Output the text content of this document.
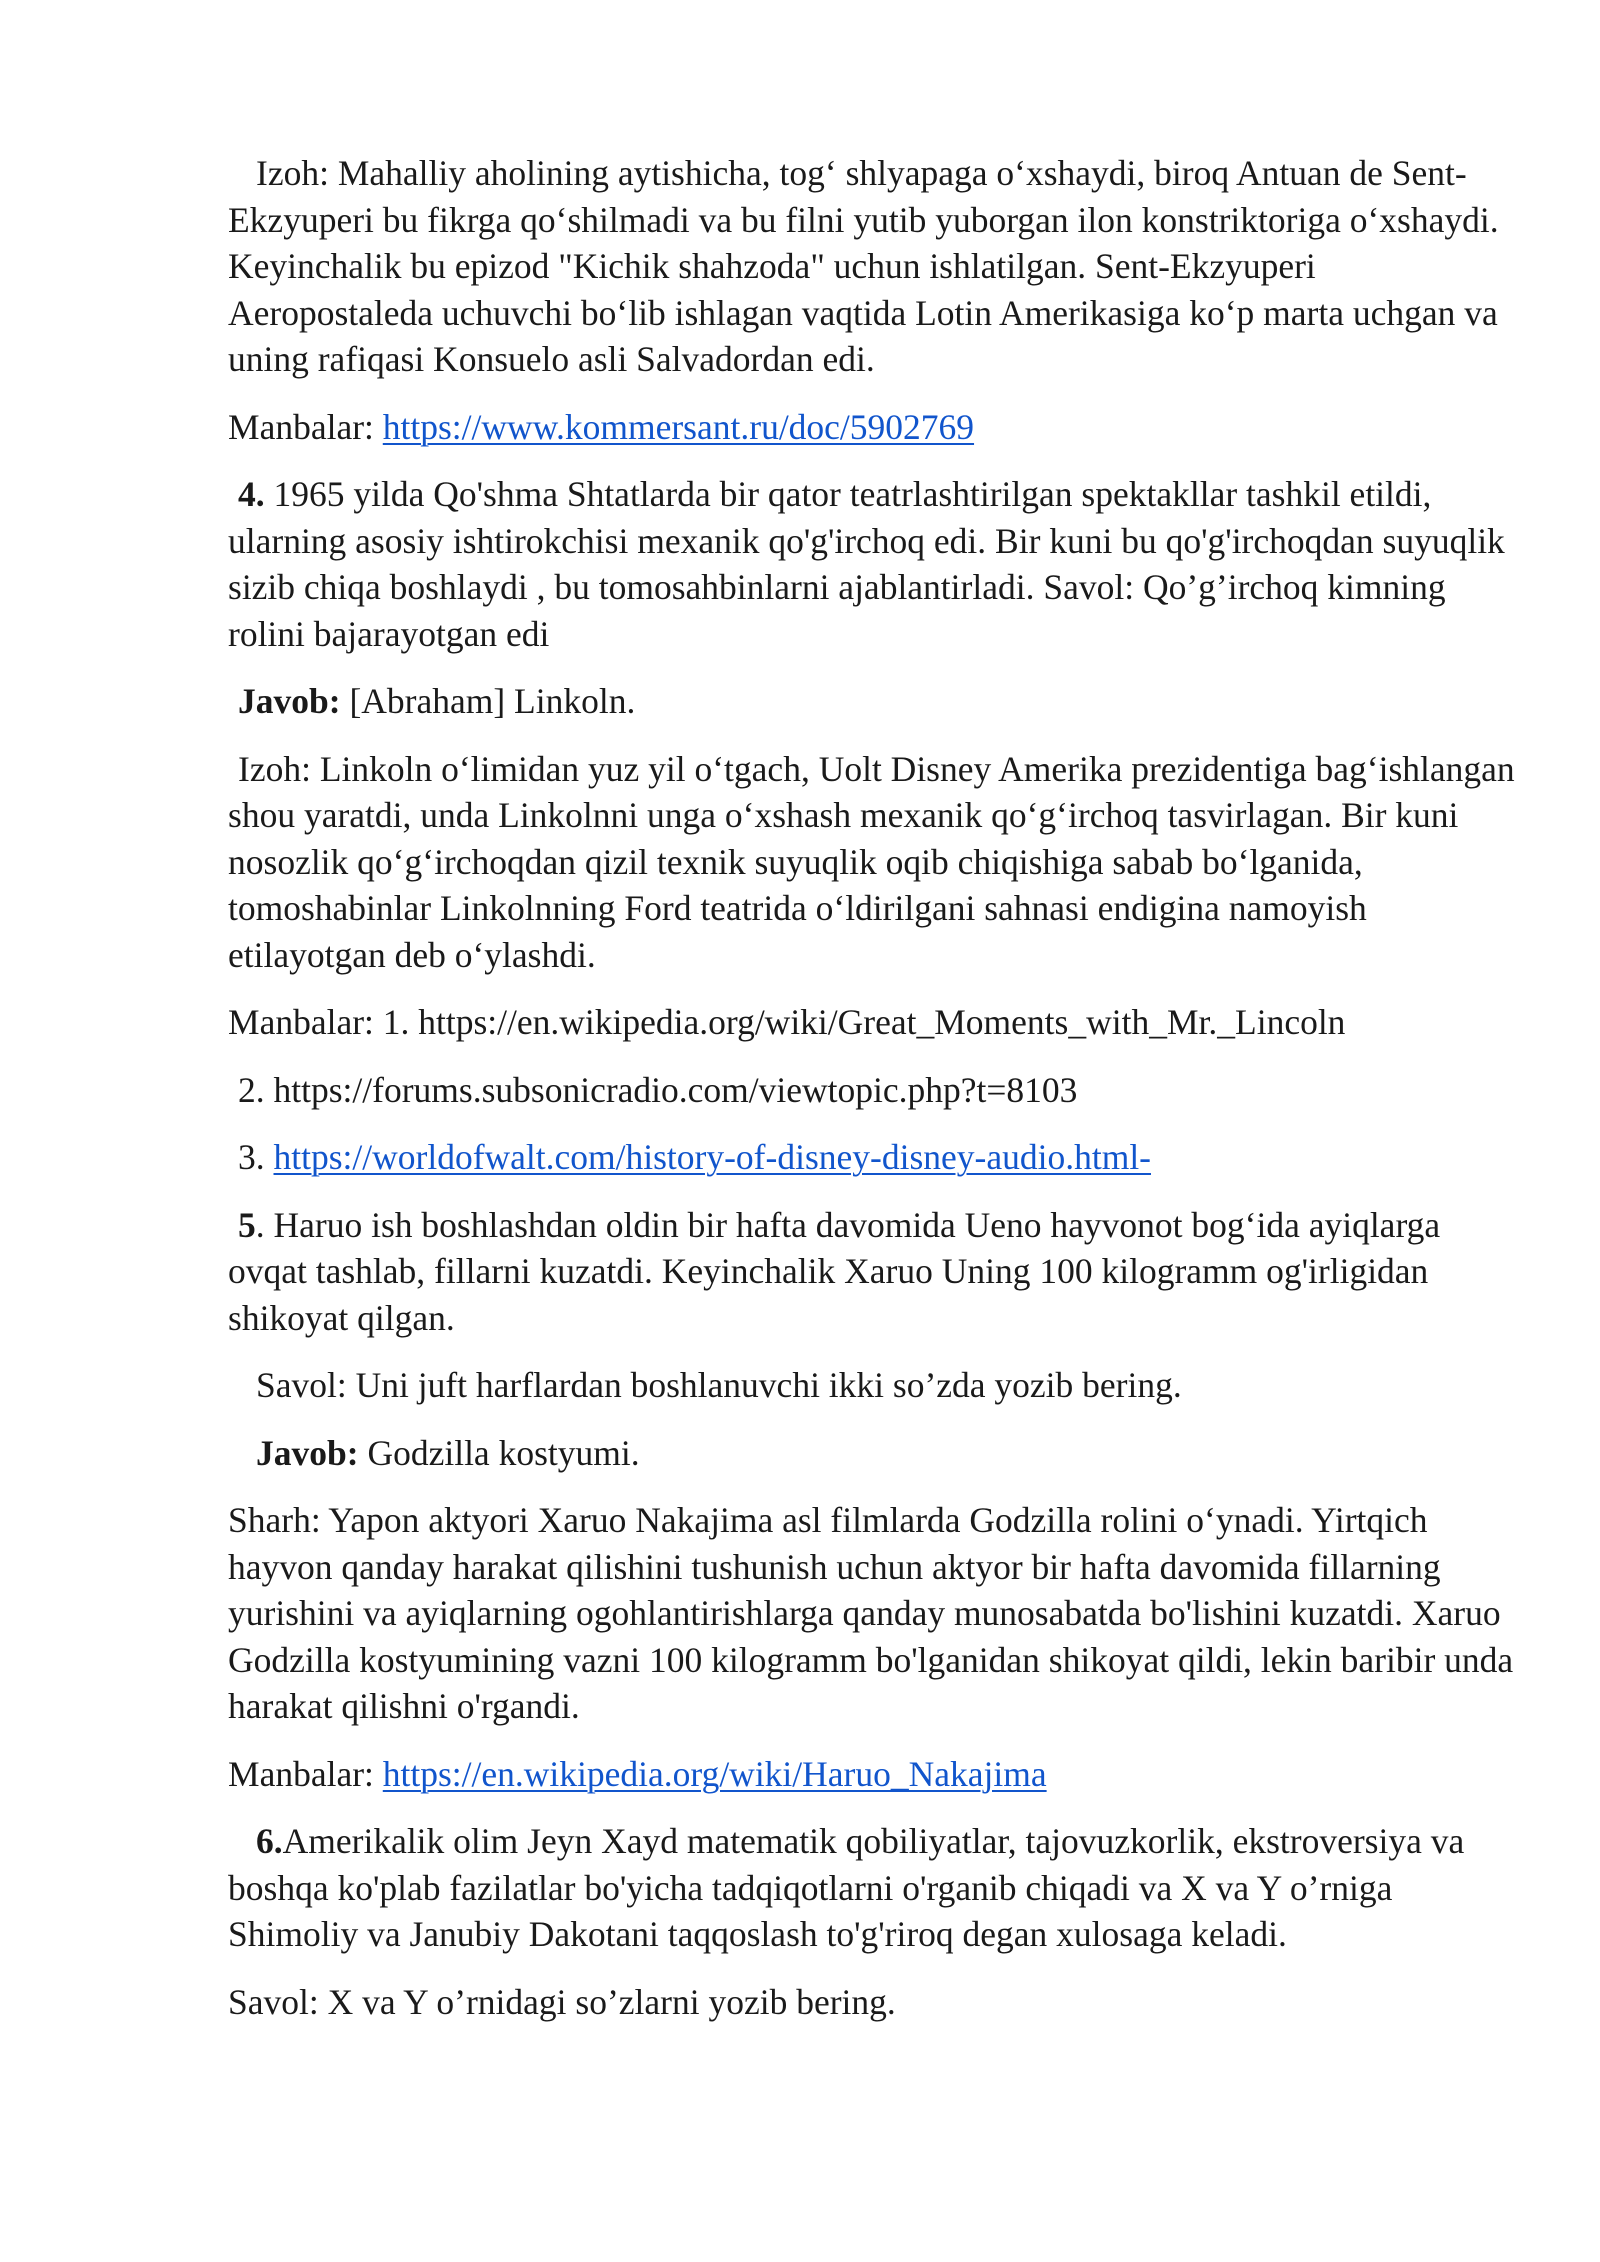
Izoh: Mahalliy aholining aytishicha, tog‘ shlyapaga o‘xshaydi, biroq Antuan de Sent-Ekzyuperi bu fikrga qo‘shilmadi va bu filni yutib yuborgan ilon konstriktoriga o‘xshaydi. Keyinchalik bu epizod "Kichik shahzoda" uchun ishlatilgan. Sent-Ekzyuperi Aeropostaleda uchuvchi bo‘lib ishlagan vaqtida Lotin Amerikasiga ko‘p marta uchgan va uning rafiqasi Konsuelo asli Salvadordan edi.

Manbalar: https://www.kommersant.ru/doc/5902769

4. 1965 yilda Qo'shma Shtatlarda bir qator teatrlashtirilgan spektakllar tashkil etildi, ularning asosiy ishtirokchisi mexanik qo'g'irchoq edi. Bir kuni bu qo'g'irchoqdan suyuqlik sizib chiqa boshlaydi , bu tomosahbinlarni ajablantirladi. Savol: Qo’g’irchoq kimning rolini bajarayotgan edi

Javob: [Abraham] Linkoln.

Izoh: Linkoln o‘limidan yuz yil o‘tgach, Uolt Disney Amerika prezidentiga bag‘ishlangan shou yaratdi, unda Linkolnni unga o‘xshash mexanik qo‘g‘irchoq tasvirlagan. Bir kuni nosozlik qo‘g‘irchoqdan qizil texnik suyuqlik oqib chiqishiga sabab bo‘lganida, tomoshabinlar Linkolnning Ford teatrida o‘ldirilgani sahnasi endigina namoyish etilayotgan deb o‘ylashdi.

Manbalar: 1. https://en.wikipedia.org/wiki/Great_Moments_with_Mr._Lincoln

2. https://forums.subsonicradio.com/viewtopic.php?t=8103

3. https://worldofwalt.com/history-of-disney-disney-audio.html-

5. Haruo ish boshlashdan oldin bir hafta davomida Ueno hayvonot bog‘ida ayiqlarga ovqat tashlab, fillarni kuzatdi. Keyinchalik Xaruo Uning 100 kilogramm og'irligidan shikoyat qilgan.

Savol: Uni juft harflardan boshlanuvchi ikki so’zda yozib bering.

Javob: Godzilla kostyumi.

Sharh: Yapon aktyori Xaruo Nakajima asl filmlarda Godzilla rolini o‘ynadi. Yirtqich hayvon qanday harakat qilishini tushunish uchun aktyor bir hafta davomida fillarning yurishini va ayiqlarning ogohlantirishlarga qanday munosabatda bo'lishini kuzatdi. Xaruo Godzilla kostyumining vazni 100 kilogramm bo'lganidan shikoyat qildi, lekin baribir unda harakat qilishni o'rgandi.

Manbalar: https://en.wikipedia.org/wiki/Haruo_Nakajima

6.Amerikalik olim Jeyn Xayd matematik qobiliyatlar, tajovuzkorlik, ekstroversiya va boshqa ko'plab fazilatlar bo'yicha tadqiqotlarni o'rganib chiqadi va X va Y o’rniga Shimoliy va Janubiy Dakotani taqqoslash to'g'riroq degan xulosaga keladi.

Savol: X va Y o’rnidagi so’zlarni yozib bering.
